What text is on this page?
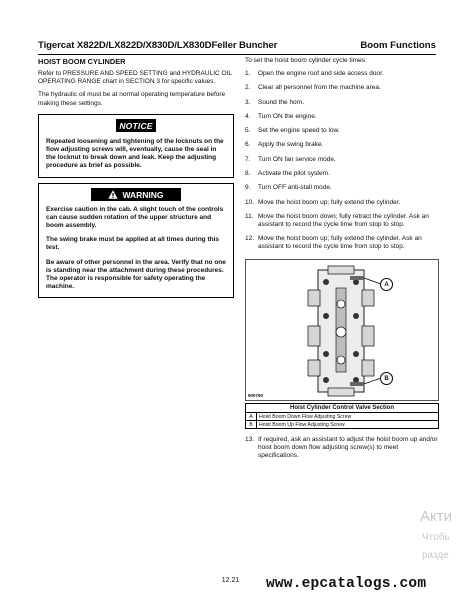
Tigercat X822D/LX822D/X830D/LX830DFeller Buncher	Boom Functions
HOIST BOOM CYLINDER

Refer to PRESSURE AND SPEED SETTING and HYDRAULIC OIL OPERATING RANGE chart in SECTION 3 for specific values.

The hydraulic oil must be at normal operating temperature before making these settings.

NOTICE

Repeated loosening and tightening of the locknuts on the flow adjusting screws will, eventually, cause the seal in the locknut to break down and leak. Keep the adjusting procedure as brief as possible.

WARNING

Exercise caution in the cab. A slight touch of the controls can cause sudden rotation of the upper structure and boom assembly.

The swing brake must be applied at all times during this test.

Be aware of other personnel in the area. Verify that no one is standing near the attachment during these procedures. The operator is responsible for safety operating the machine.

To set the hoist boom cylinder cycle times:
1.	Open the engine roof and side access door.
2.	Clear all personnel from the machine area.
3.	Sound the horn.
4.	Turn ON the engine.
5.	Set the engine speed to low.
6.	Apply the swing brake.
7.	Turn ON fan service mode.
8.	Activate the pilot system.
9.	Turn OFF anti-stall mode.
10. Move the hoist boom up; fully extend the cylinder.
11. Move the hoist boom down; fully retract the cylinder. Ask an assistant to record the cycle time from stop to stop.
12. Move the hoist boom up; fully extend the cylinder. Ask an assistant to record the cycle time from stop to stop.
A
B
900790
Hoist Cylinder Control Valve Section	
A	Hoist Boom Down Flow Adjusting Screw
B	Hoist Boom Up Flow Adjusting Screw
13. If required, ask an assistant to adjust the hoist boom up and/or hoist boom down flow adjusting screw(s) to meet specifications.
Акти
Чтобь
разде
12.21	www.epcatalogs.com
